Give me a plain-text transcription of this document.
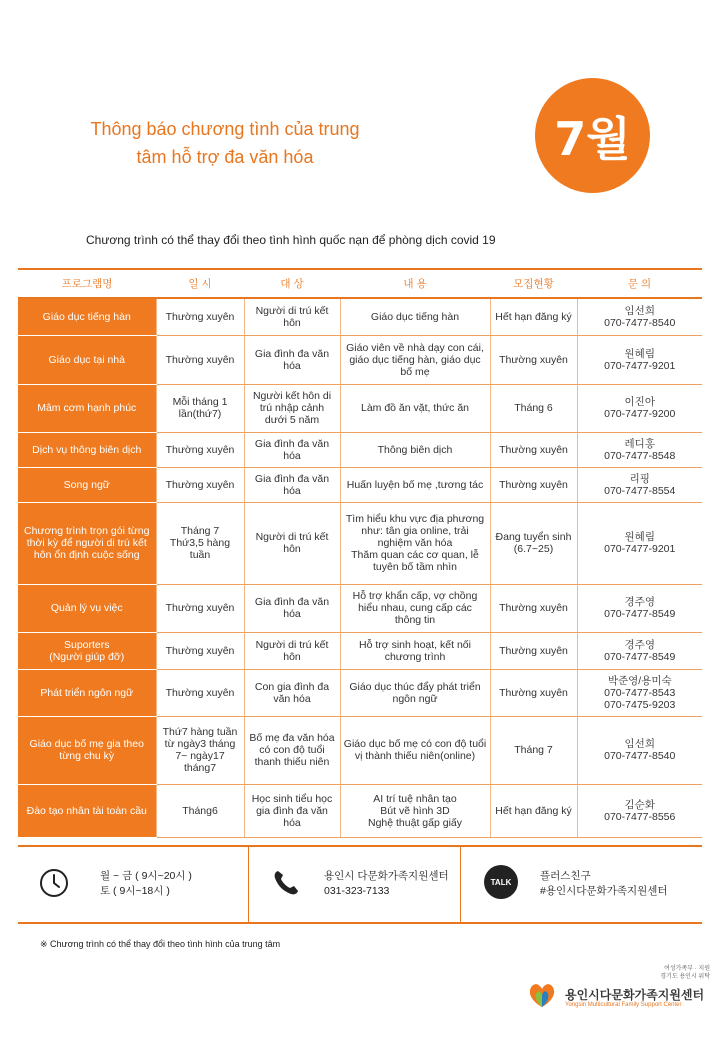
Thông báo chương tình của trung
tâm hỗ trợ đa văn hóa	7월
Chương trình có thể thay đổi theo tình hình quốc nạn để phòng dịch covid 19
프로그램명	일 시	대 상	내 용	모집현황	문 의
Giáo dục tiếng hàn	Thường xuyên	Người di trú kết hôn	Giáo dục tiếng hàn	Hết hạn đăng ký	임선희
070-7477-8540
Giáo dục tại nhà	Thường xuyên	Gia đình đa văn hóa	Giáo viên về nhà dạy con cái, giáo dục tiếng hàn, giáo dục bố mẹ	Thường xuyên	원혜림
070-7477-9201
Mâm cơm hạnh phúc	Mỗi tháng 1 lần(thứ7)	Người kết hôn di trú nhập cảnh dưới 5 năm	Làm đồ ăn vặt, thức ăn	Tháng 6	이진아
070-7477-9200
Dịch vụ thông biên dịch	Thường xuyên	Gia đình đa văn hóa	Thông biên dịch	Thường xuyên	레디홍
070-7477-8548
Song ngữ	Thường xuyên	Gia đình đa văn hóa	Huấn luyện bố mẹ ,tương tác	Thường xuyên	리핑
070-7477-8554
Chương trình trọn gói từng thời kỳ để người di trú kết hôn ổn định cuộc sống	Tháng 7
Thứ3,5 hàng tuần	Người di trú kết hôn	Tìm hiểu khu vực địa phương như: tân gia online, trải nghiệm văn hóa
Thăm quan các cơ quan, lễ tuyên bố tầm nhìn	Đang tuyển sinh
(6.7~25)	원혜림
070-7477-9201
Quản lý vụ việc	Thường xuyên	Gia đình đa văn hóa	Hỗ trợ khẩn cấp, vợ chồng hiểu nhau, cung cấp các thông tin	Thường xuyên	경주영
070-7477-8549
Suporters
(Người giúp đỡ)	Thường xuyên	Người di trú kết hôn	Hỗ trợ sinh hoạt, kết nối chương trình	Thường xuyên	경주영
070-7477-8549
Phát triển ngôn ngữ	Thường xuyên	Con gia đình đa văn hóa	Giáo dục thúc đẩy phát triển ngôn ngữ	Thường xuyên	박준영/용미숙
070-7477-8543
070-7475-9203
Giáo dục bố mẹ gia theo từng chu kỳ	Thứ7 hàng tuần từ ngày3 tháng 7~ ngày17 tháng7	Bố mẹ đa văn hóa có con độ tuổi thanh thiếu niên	Giáo dục bố mẹ có con độ tuổi vị thành thiếu niên(online)	Tháng 7	임선희
070-7477-8540
Đào tạo nhân tài toàn cầu	Tháng6	Học sinh tiểu học gia đình đa văn hóa	AI trí tuệ nhân tạo
Bút vẽ hình 3D
Nghệ thuật gấp giấy	Hết hạn đăng ký	김순화
070-7477-8556
월 ~ 금 ( 9시~20시 )
토 ( 9시~18시 )
용인시 다문화가족지원센터
031-323-7133
TALK	플러스친구
#용인시다문화가족지원센터
※ Chương trình có thể thay đổi theo tình hình của trung tâm
여성가족부 · 지원
경기도 용인시 위탁
용인시다문화가족지원센터
Yongsin Multicultural Family Support Center
